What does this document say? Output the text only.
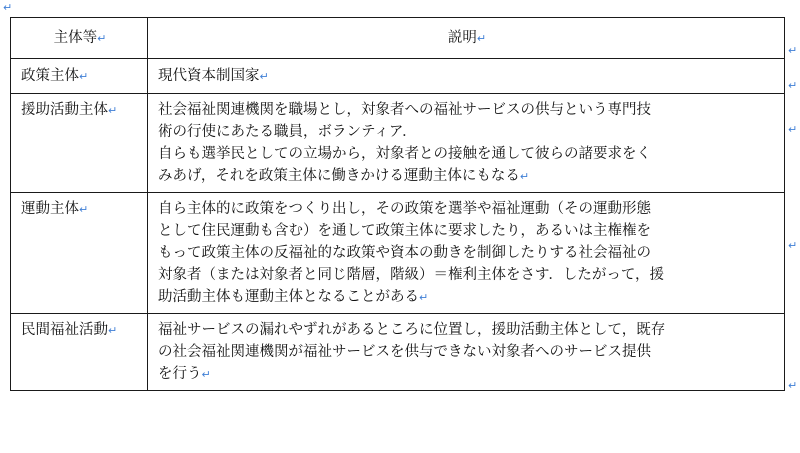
↵
主体等↵	説明↵

政策主体↵	現代資本制国家↵

援助活動主体↵	社会福祉関連機関を職場とし，対象者への福祉サービスの供与という専門技
術の行使にあたる職員，ボランティア．
自らも選挙民としての立場から，対象者との接触を通して彼らの諸要求をく
みあげ，それを政策主体に働きかける運動主体にもなる↵

運動主体↵	自ら主体的に政策をつくり出し，その政策を選挙や福祉運動（その運動形態
として住民運動も含む）を通して政策主体に要求したり，あるいは主権権を
もって政策主体の反福祉的な政策や資本の動きを制御したりする社会福祉の
対象者（または対象者と同じ階層，階級）＝権利主体をさす．したがって，援
助活動主体も運動主体となることがある↵

民間福祉活動↵	福祉サービスの漏れやずれがあるところに位置し，援助活動主体として，既存
の社会福祉関連機関が福祉サービスを供与できない対象者へのサービス提供
を行う↵
↵
↵
↵
↵
↵
